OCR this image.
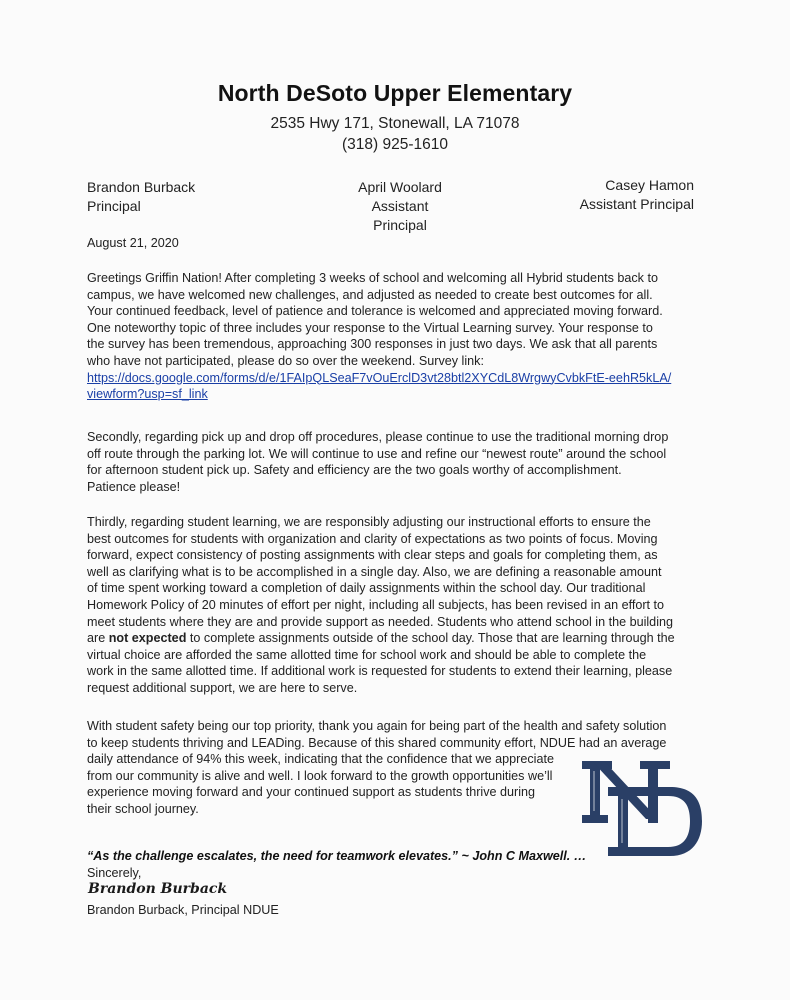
North DeSoto Upper Elementary
2535 Hwy 171, Stonewall, LA 71078
(318) 925-1610
Brandon Burback
Principal
April Woolard
Assistant Principal
Casey Hamon
Assistant Principal
August 21, 2020
Greetings Griffin Nation! After completing 3 weeks of school and welcoming all Hybrid students back to
campus, we have welcomed new challenges, and adjusted as needed to create best outcomes for all.
Your continued feedback, level of patience and tolerance is welcomed and appreciated moving forward.
One noteworthy topic of three includes your response to the Virtual Learning survey. Your response to
the survey has been tremendous, approaching 300 responses in just two days. We ask that all parents
who have not participated, please do so over the weekend. Survey link:
https://docs.google.com/forms/d/e/1FAIpQLSeaF7vOuErclD3vt28btl2XYCdL8WrgwyCvbkFtE-eehR5kLA/
viewform?usp=sf_link
Secondly, regarding pick up and drop off procedures, please continue to use the traditional morning drop
off route through the parking lot. We will continue to use and refine our “newest route” around the school
for afternoon student pick up. Safety and efficiency are the two goals worthy of accomplishment.
Patience please!
Thirdly, regarding student learning, we are responsibly adjusting our instructional efforts to ensure the
best outcomes for students with organization and clarity of expectations as two points of focus. Moving
forward, expect consistency of posting assignments with clear steps and goals for completing them, as
well as clarifying what is to be accomplished in a single day. Also, we are defining a reasonable amount
of time spent working toward a completion of daily assignments within the school day. Our traditional
Homework Policy of 20 minutes of effort per night, including all subjects, has been revised in an effort to
meet students where they are and provide support as needed. Students who attend school in the building
are not expected to complete assignments outside of the school day. Those that are learning through the
virtual choice are afforded the same allotted time for school work and should be able to complete the
work in the same allotted time. If additional work is requested for students to extend their learning, please
request additional support, we are here to serve.
With student safety being our top priority, thank you again for being part of the health and safety solution
to keep students thriving and LEADing. Because of this shared community effort, NDUE had an average
daily attendance of 94% this week, indicating that the confidence that we appreciate
from our community is alive and well. I look forward to the growth opportunities we’ll
experience moving forward and your continued support as students thrive during
their school journey.
“As the challenge escalates, the need for teamwork elevates.” ~ John C Maxwell. …
Sincerely,
Brandon Burback
Brandon Burback, Principal NDUE
